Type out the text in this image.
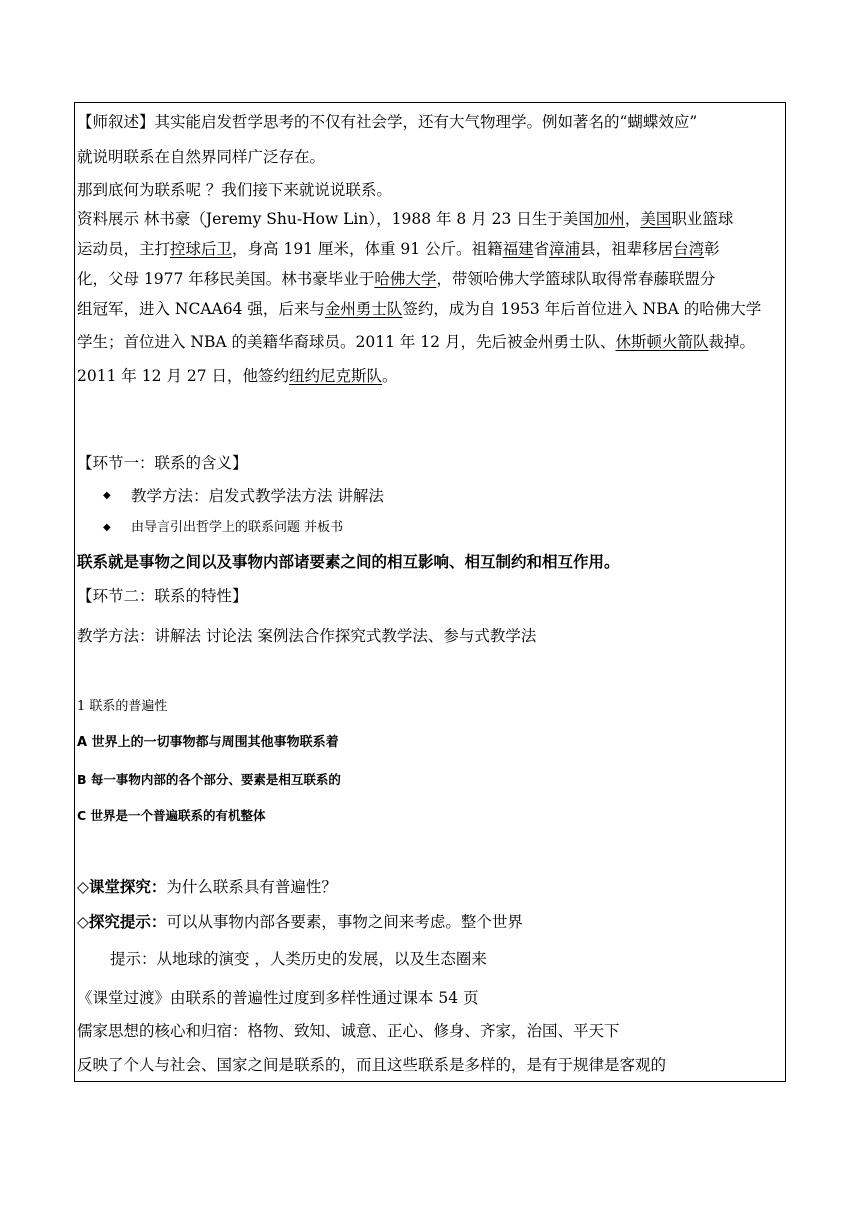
【师叙述】其实能启发哲学思考的不仅有社会学，还有大气物理学。例如著名的“蝴蝶效应”
就说明联系在自然界同样广泛存在。
那到底何为联系呢 ？我们接下来就说说联系。
资料展示 林书豪（Jeremy Shu-How Lin），1988 年 8 月 23 日生于美国加州，美国职业篮球
运动员，主打控球后卫，身高 191 厘米，体重 91 公斤。祖籍福建省漳浦县，祖辈移居台湾彰
化，父母 1977 年移民美国。林书豪毕业于哈佛大学，带领哈佛大学篮球队取得常春藤联盟分
组冠军，进入 NCAA64 强，后来与金州勇士队签约，成为自 1953 年后首位进入 NBA 的哈佛大学
学生；首位进入 NBA 的美籍华裔球员。2011 年 12 月，先后被金州勇士队、休斯顿火箭队裁掉。
2011 年 12 月 27 日，他签约纽约尼克斯队。
【环节一：联系的含义】
◆ 教学方法：启发式教学法方法 讲解法
◆ 由导言引出哲学上的联系问题 并板书
联系就是事物之间以及事物内部诸要素之间的相互影响、相互制约和相互作用。
【环节二：联系的特性】
教学方法：讲解法 讨论法 案例法合作探究式教学法、参与式教学法
1 联系的普遍性
A 世界上的一切事物都与周围其他事物联系着
B 每一事物内部的各个部分、要素是相互联系的
C 世界是一个普遍联系的有机整体
◇课堂探究：为什么联系具有普遍性？
◇探究提示：可以从事物内部各要素，事物之间来考虑。整个世界
提示：从地球的演变 ，人类历史的发展，以及生态圈来
《课堂过渡》由联系的普遍性过度到多样性通过课本 54 页
儒家思想的核心和归宿：格物、致知、诚意、正心、修身、齐家，治国、平天下
反映了个人与社会、国家之间是联系的，而且这些联系是多样的，是有于规律是客观的
